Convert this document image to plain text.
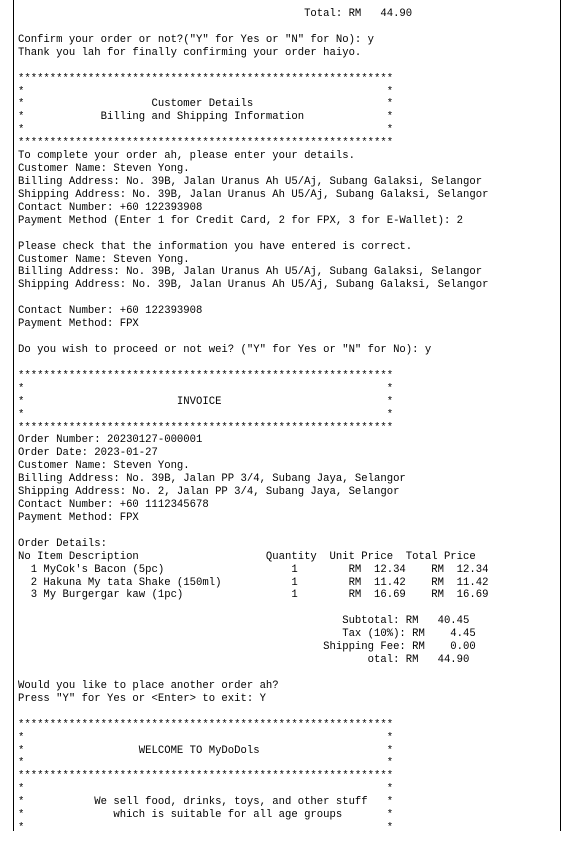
Total: RM   44.90
Confirm your order or not?("Y" for Yes or "N" for No): y
Thank you lah for finally confirming your order haiyo.
***********************************************************
*                                                         *
*                    Customer Details                     *
*            Billing and Shipping Information             *
*                                                         *
***********************************************************
To complete your order ah, please enter your details.
Customer Name: Steven Yong.
Billing Address: No. 39B, Jalan Uranus Ah U5/Aj, Subang Galaksi, Selangor
Shipping Address: No. 39B, Jalan Uranus Ah U5/Aj, Subang Galaksi, Selangor
Contact Number: +60 122393908
Payment Method (Enter 1 for Credit Card, 2 for FPX, 3 for E-Wallet): 2
Please check that the information you have entered is correct.
Customer Name: Steven Yong.
Billing Address: No. 39B, Jalan Uranus Ah U5/Aj, Subang Galaksi, Selangor
Shipping Address: No. 39B, Jalan Uranus Ah U5/Aj, Subang Galaksi, Selangor
Contact Number: +60 122393908
Payment Method: FPX
Do you wish to proceed or not wei? ("Y" for Yes or "N" for No): y
***********************************************************
*                                                         *
*                        INVOICE                          *
*                                                         *
***********************************************************
Order Number: 20230127-000001
Order Date: 2023-01-27
Customer Name: Steven Yong.
Billing Address: No. 39B, Jalan PP 3/4, Subang Jaya, Selangor
Shipping Address: No. 2, Jalan PP 3/4, Subang Jaya, Selangor
Contact Number: +60 1112345678
Payment Method: FPX
Order Details:
No Item Description                    Quantity  Unit Price  Total Price
1 MyCok's Bacon (5pc)                    1        RM  12.34    RM  12.34
2 Hakuna My tata Shake (150ml)           1        RM  11.42    RM  11.42
3 My Burgergar kaw (1pc)                 1        RM  16.69    RM  16.69
Subtotal: RM   40.45
Tax (10%): RM    4.45
Shipping Fee: RM    0.00
otal: RM   44.90
Would you like to place another order ah?
Press "Y" for Yes or <Enter> to exit: Y
***********************************************************
*                                                         *
*                  WELCOME TO MyDoDols                    *
*                                                         *
***********************************************************
*                                                         *
*           We sell food, drinks, toys, and other stuff   *
*              which is suitable for all age groups       *
*                                                         *
